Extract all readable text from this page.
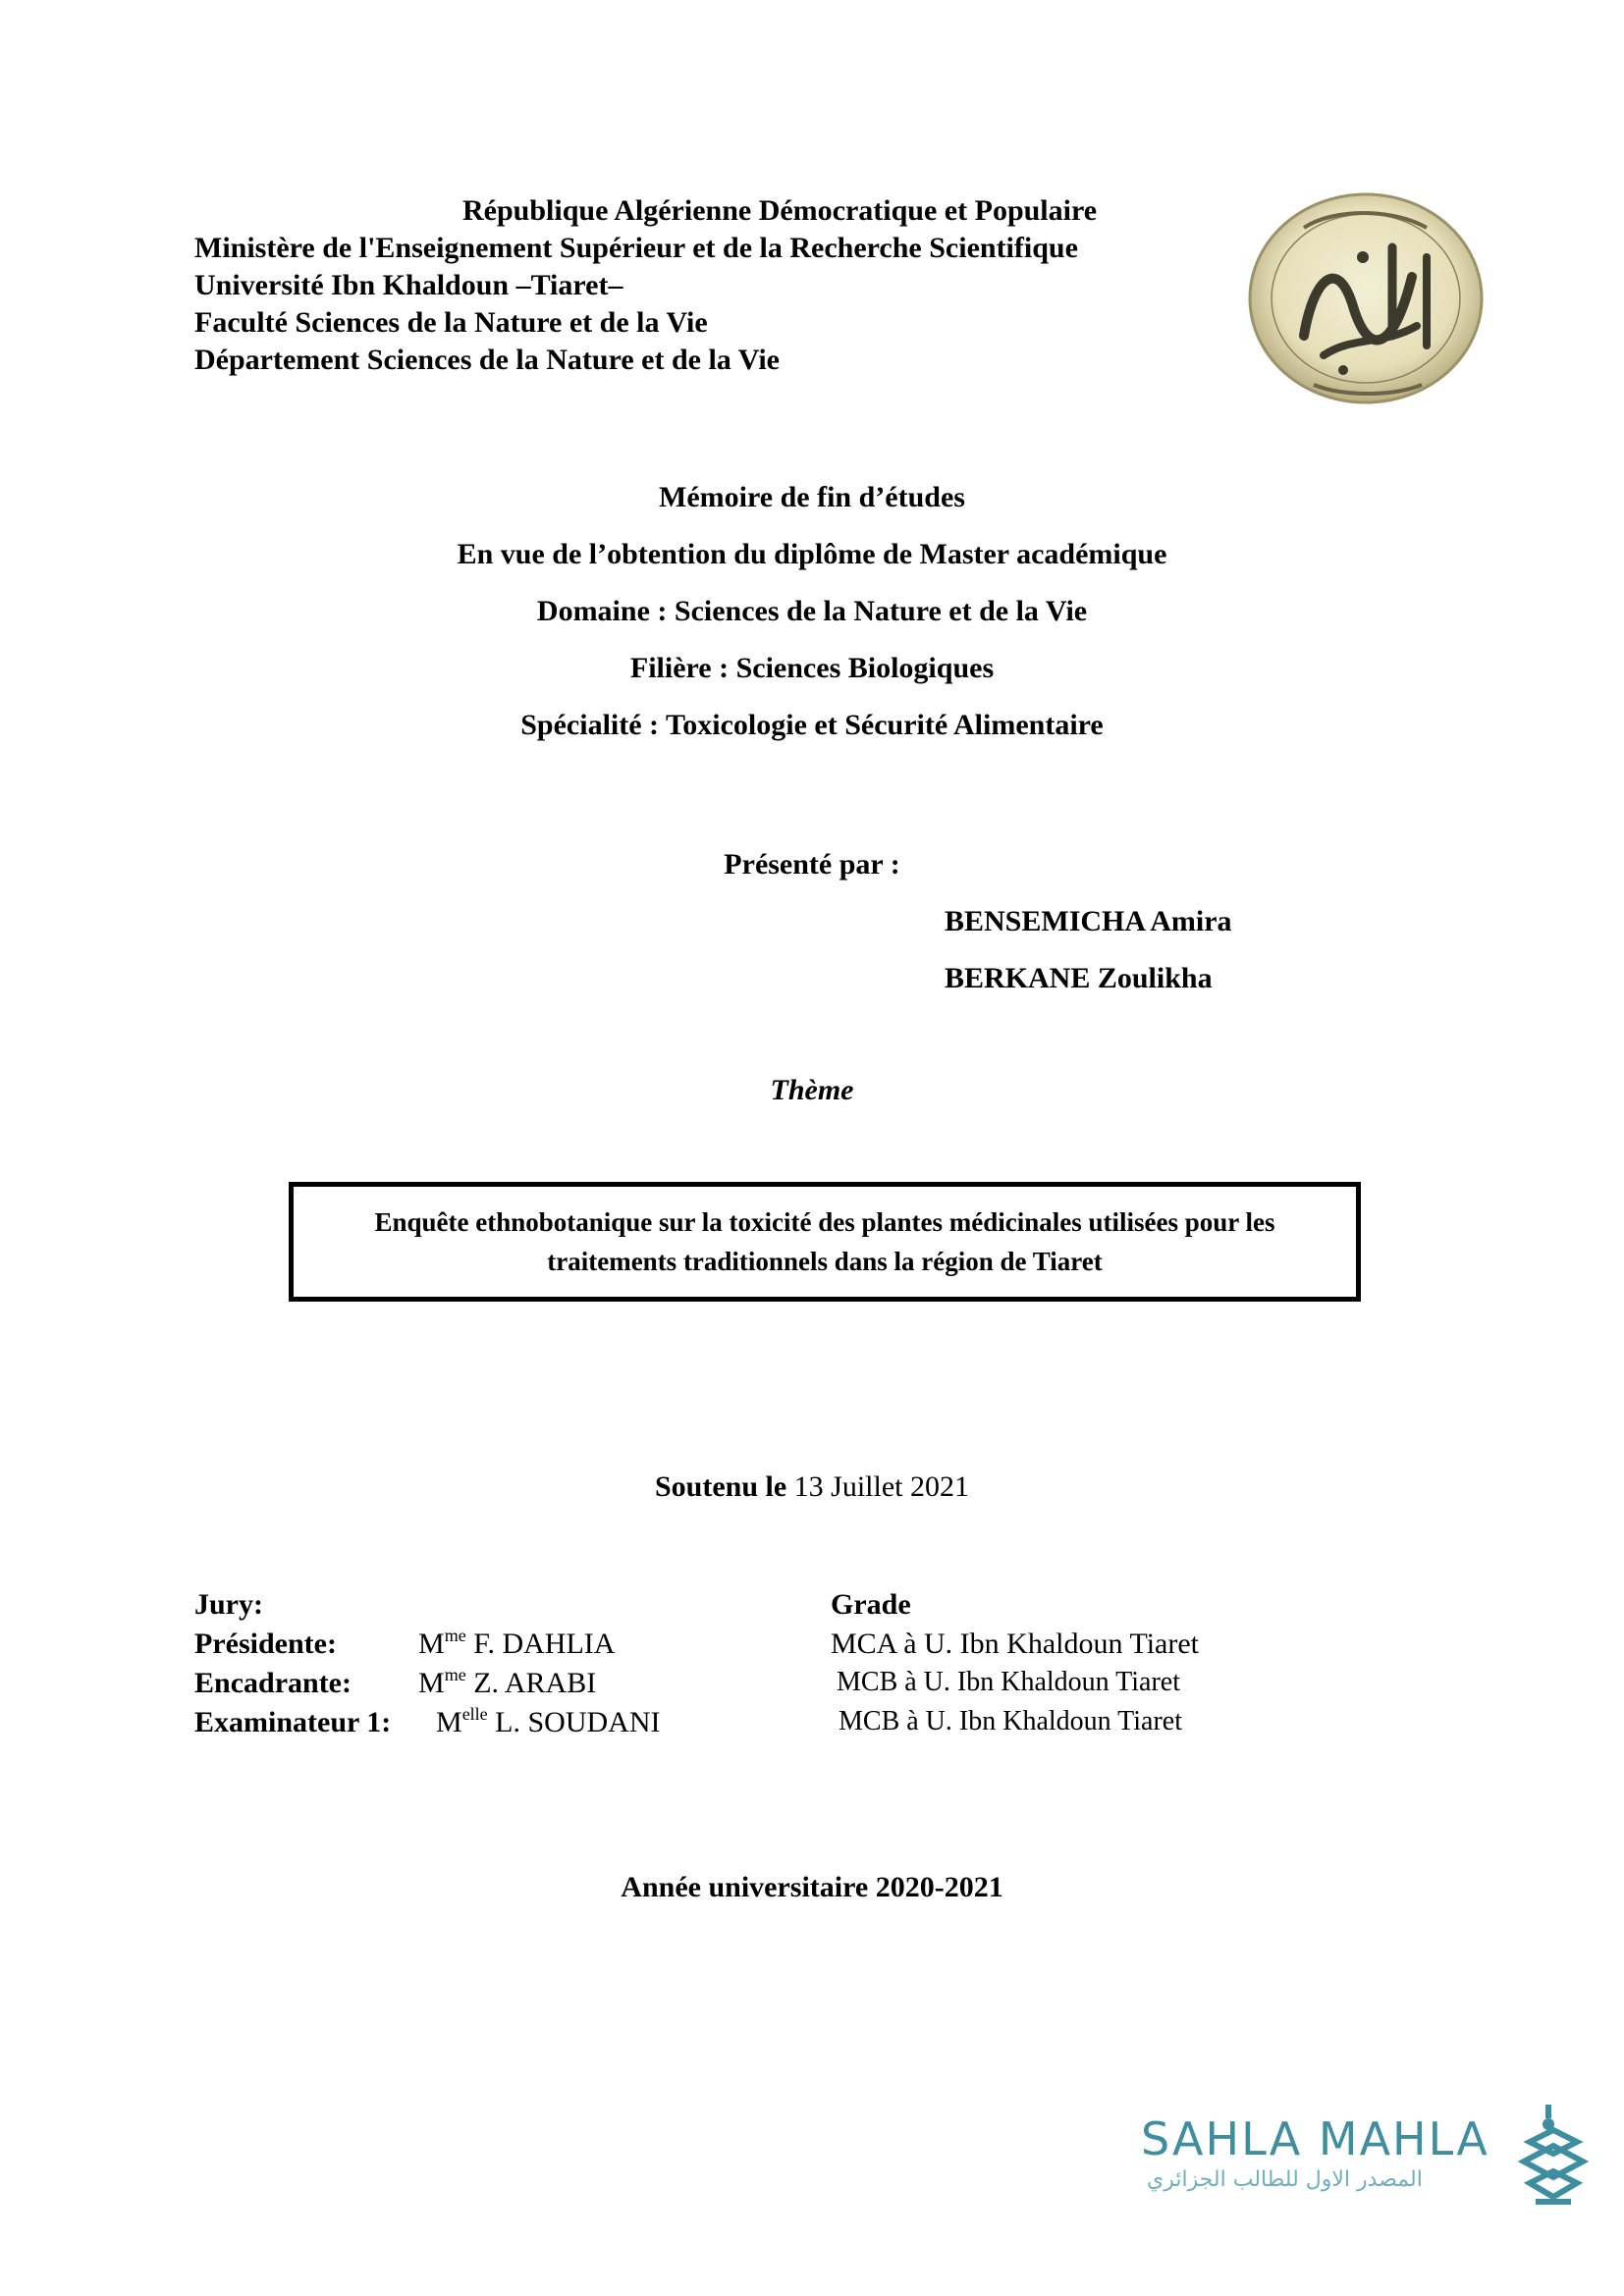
République Algérienne Démocratique et Populaire
Ministère de l'Enseignement Supérieur et de la Recherche Scientifique
Université Ibn Khaldoun –Tiaret–
Faculté Sciences de la Nature et de la Vie
Département Sciences de la Nature et de la Vie
Mémoire de fin d’études
En vue de l’obtention du diplôme de Master académique
Domaine : Sciences de la Nature et de la Vie
Filière : Sciences Biologiques
Spécialité : Toxicologie et Sécurité Alimentaire
Présenté par :
BENSEMICHA Amira
BERKANE Zoulikha
Thème
Enquête ethnobotanique sur la toxicité des plantes médicinales utilisées pour les traitements traditionnels dans la région de Tiaret
Soutenu le 13 Juillet 2021
Jury:	Grade
Présidente:	$M^{me}$ F. DAHLIA	MCA à U. Ibn Khaldoun Tiaret
Encadrante: $M^{me}$ Z. ARABI	MCB à U. Ibn Khaldoun Tiaret
Examinateur 1: $M^{elle}$ L. SOUDANI	MCB à U. Ibn Khaldoun Tiaret
Année universitaire 2020-2021
SAHLA MAHLA
المصدر الاول للطالب الجزائري
